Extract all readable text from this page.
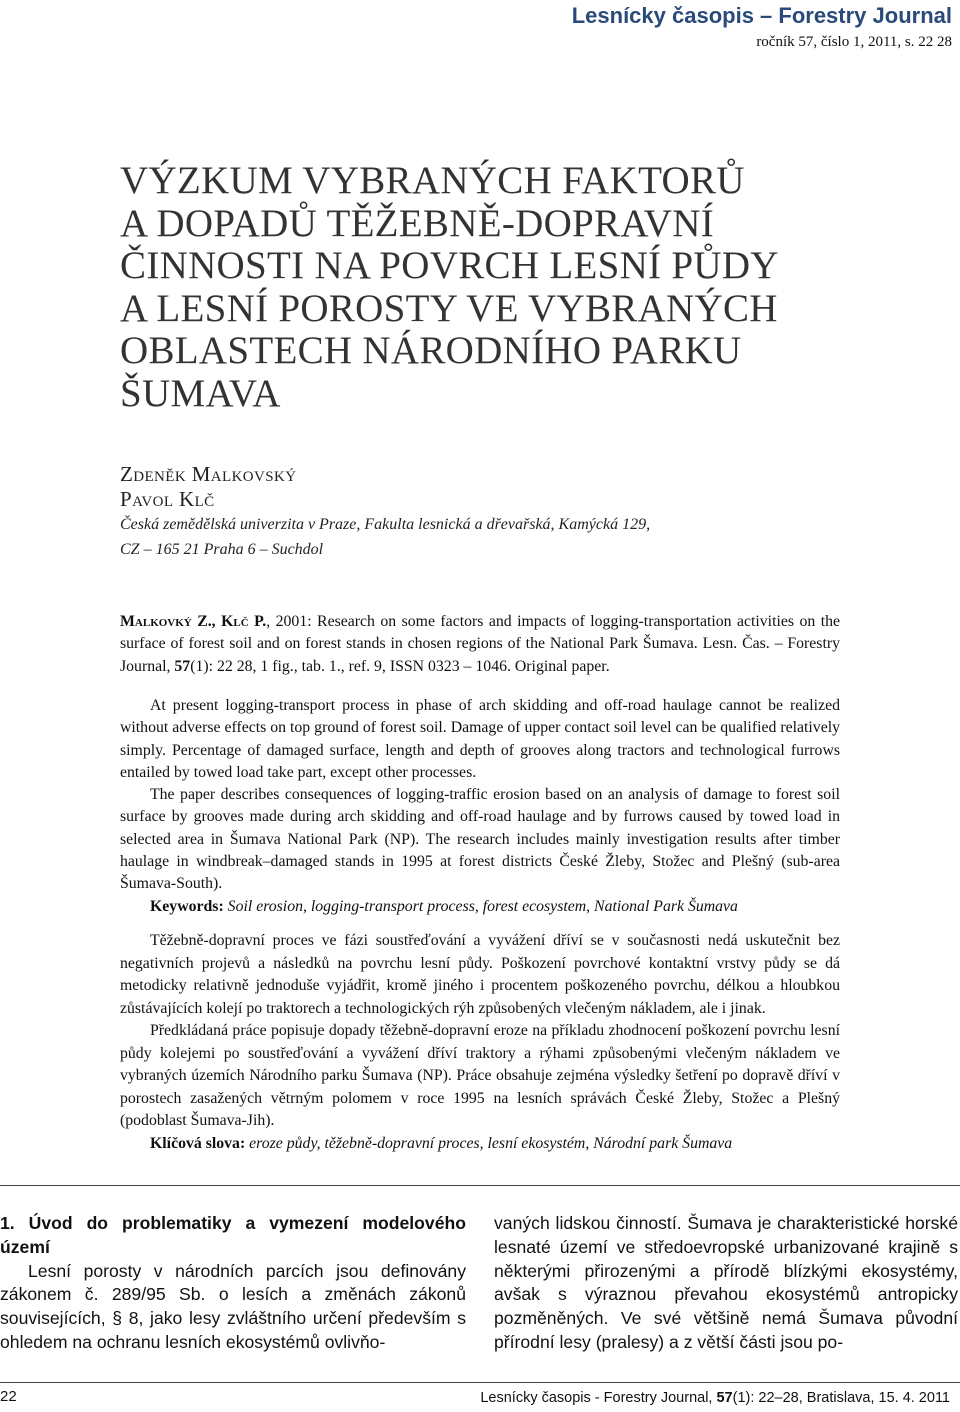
Lesnícky časopis – Forestry Journal
ročník 57, číslo 1, 2011, s. 22 28
VÝZKUM VYBRANÝCH FAKTORŮ
A DOPADŮ TĚŽEBNĚ-DOPRAVNÍ
ČINNOSTI NA POVRCH LESNÍ PŮDY
A LESNÍ POROSTY VE VYBRANÝCH
OBLASTECH NÁRODNÍHO PARKU
ŠUMAVA
Zdeněk Malkovský
Pavol Klč
Česká zemědělská univerzita v Praze, Fakulta lesnická a dřevařská, Kamýcká 129,
CZ – 165 21 Praha 6 – Suchdol
Malkovký Z., Klč P., 2001: Research on some factors and impacts of logging-transportation activities on the surface of forest soil and on forest stands in chosen regions of the National Park Šumava. Lesn. Čas. – Forestry Journal, 57(1): 22 28, 1 fig., tab. 1., ref. 9, ISSN 0323 – 1046. Original paper.

At present logging-transport process in phase of arch skidding and off-road haulage cannot be realized without adverse effects on top ground of forest soil. Damage of upper contact soil level can be qualified relatively simply. Percentage of damaged surface, length and depth of grooves along tractors and technological furrows entailed by towed load take part, except other processes.

The paper describes consequences of logging-traffic erosion based on an analysis of damage to forest soil surface by grooves made during arch skidding and off-road haulage and by furrows caused by towed load in selected area in Šumava National Park (NP). The research includes mainly investigation results after timber haulage in windbreak–damaged stands in 1995 at forest districts České Žleby, Stožec and Plešný (sub-area Šumava-South).

Keywords: Soil erosion, logging-transport process, forest ecosystem, National Park Šumava

Těžebně-dopravní proces ve fázi soustřeďování a vyvážení dříví se v současnosti nedá uskutečnit bez negativních projevů a následků na povrchu lesní půdy. Poškození povrchové kontaktní vrstvy půdy se dá metodicky relativně jednoduše vyjádřit, kromě jiného i procentem poškozeného povrchu, délkou a hloubkou zůstávajících kolejí po traktorech a technologických rýh způsobených vlečeným nákladem, ale i jinak.

Předkládaná práce popisuje dopady těžebně-dopravní eroze na příkladu zhodnocení poškození povrchu lesní půdy kolejemi po soustřeďování a vyvážení dříví traktory a rýhami způsobenými vlečeným nákladem ve vybraných územích Národního parku Šumava (NP). Práce obsahuje zejména výsledky šetření po dopravě dříví v porostech zasažených větrným polomem v roce 1995 na lesních správách České Žleby, Stožec a Plešný (podoblast Šumava-Jih).

Klíčová slova: eroze půdy, těžebně-dopravní proces, lesní ekosystém, Národní park Šumava

1. Úvod do problematiky a vymezení modelového území

Lesní porosty v národních parcích jsou definovány zákonem č. 289/95 Sb. o lesích a změnách zákonů souvisejících, § 8, jako lesy zvláštního určení především s ohledem na ochranu lesních ekosystémů ovlivňo-

vaných lidskou činností. Šumava je charakteristické horské lesnaté území ve středoevropské urbanizované krajině s některými přirozenými a přírodě blízkými ekosystémy, avšak s výraznou převahou ekosystémů antropicky pozměněných. Ve své většině nemá Šumava původní přírodní lesy (pralesy) a z větší části jsou po-

22	Lesnícky časopis - Forestry Journal, 57(1): 22–28, Bratislava, 15. 4. 2011
